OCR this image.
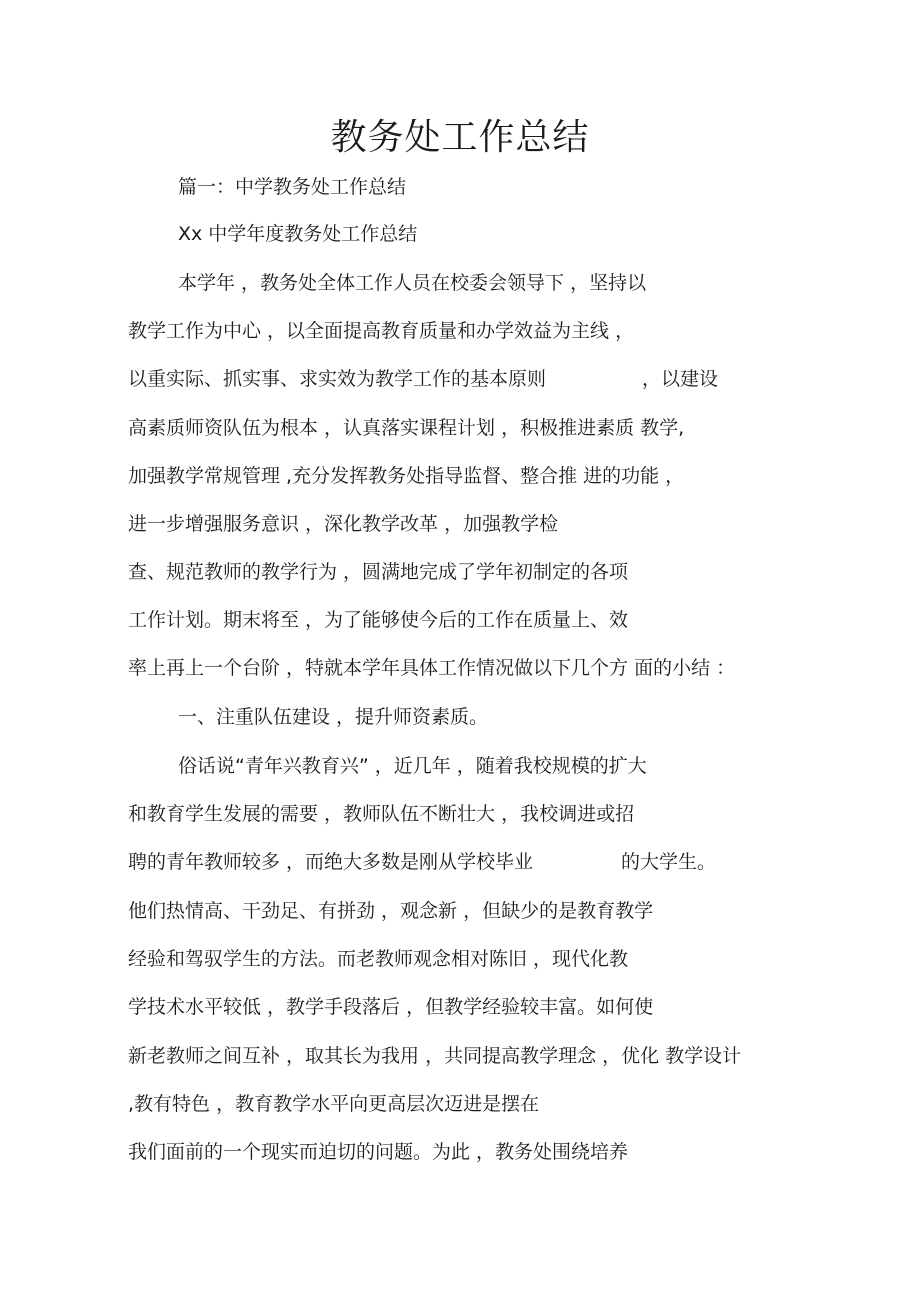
教务处工作总结
篇一：中学教务处工作总结
Xx 中学年度教务处工作总结
本学年 ，教务处全体工作人员在校委会领导下 ，坚持以
教学工作为中心 ，以全面提高教育质量和办学效益为主线 ，
以重实际、抓实事、求实效为教学工作的基本原则	，以建设
高素质师资队伍为根本 ，认真落实课程计划 ，积极推进素质 教学,
加强教学常规管理 ,充分发挥教务处指导监督、整合推 进的功能 ，
进一步增强服务意识 ，深化教学改革 ，加强教学检
查、规范教师的教学行为 ，圆满地完成了学年初制定的各项
工作计划。期末将至 ，为了能够使今后的工作在质量上、效
率上再上一个台阶 ，特就本学年具体工作情况做以下几个方 面的小结 ：
一、注重队伍建设 ，提升师资素质。
俗话说“青年兴教育兴” ，近几年 ，随着我校规模的扩大
和教育学生发展的需要 ，教师队伍不断壮大 ，我校调进或招
聘的青年教师较多 ，而绝大多数是刚从学校毕业	的大学生。
他们热情高、干劲足、有拼劲 ，观念新 ，但缺少的是教育教学
经验和驾驭学生的方法。而老教师观念相对陈旧 ，现代化教
学技术水平较低 ，教学手段落后 ，但教学经验较丰富。如何使
新老教师之间互补 ，取其长为我用 ，共同提高教学理念 ，优化 教学设计
,教有特色 ，教育教学水平向更高层次迈进是摆在
我们面前的一个现实而迫切的问题。为此 ，教务处围绕培养
